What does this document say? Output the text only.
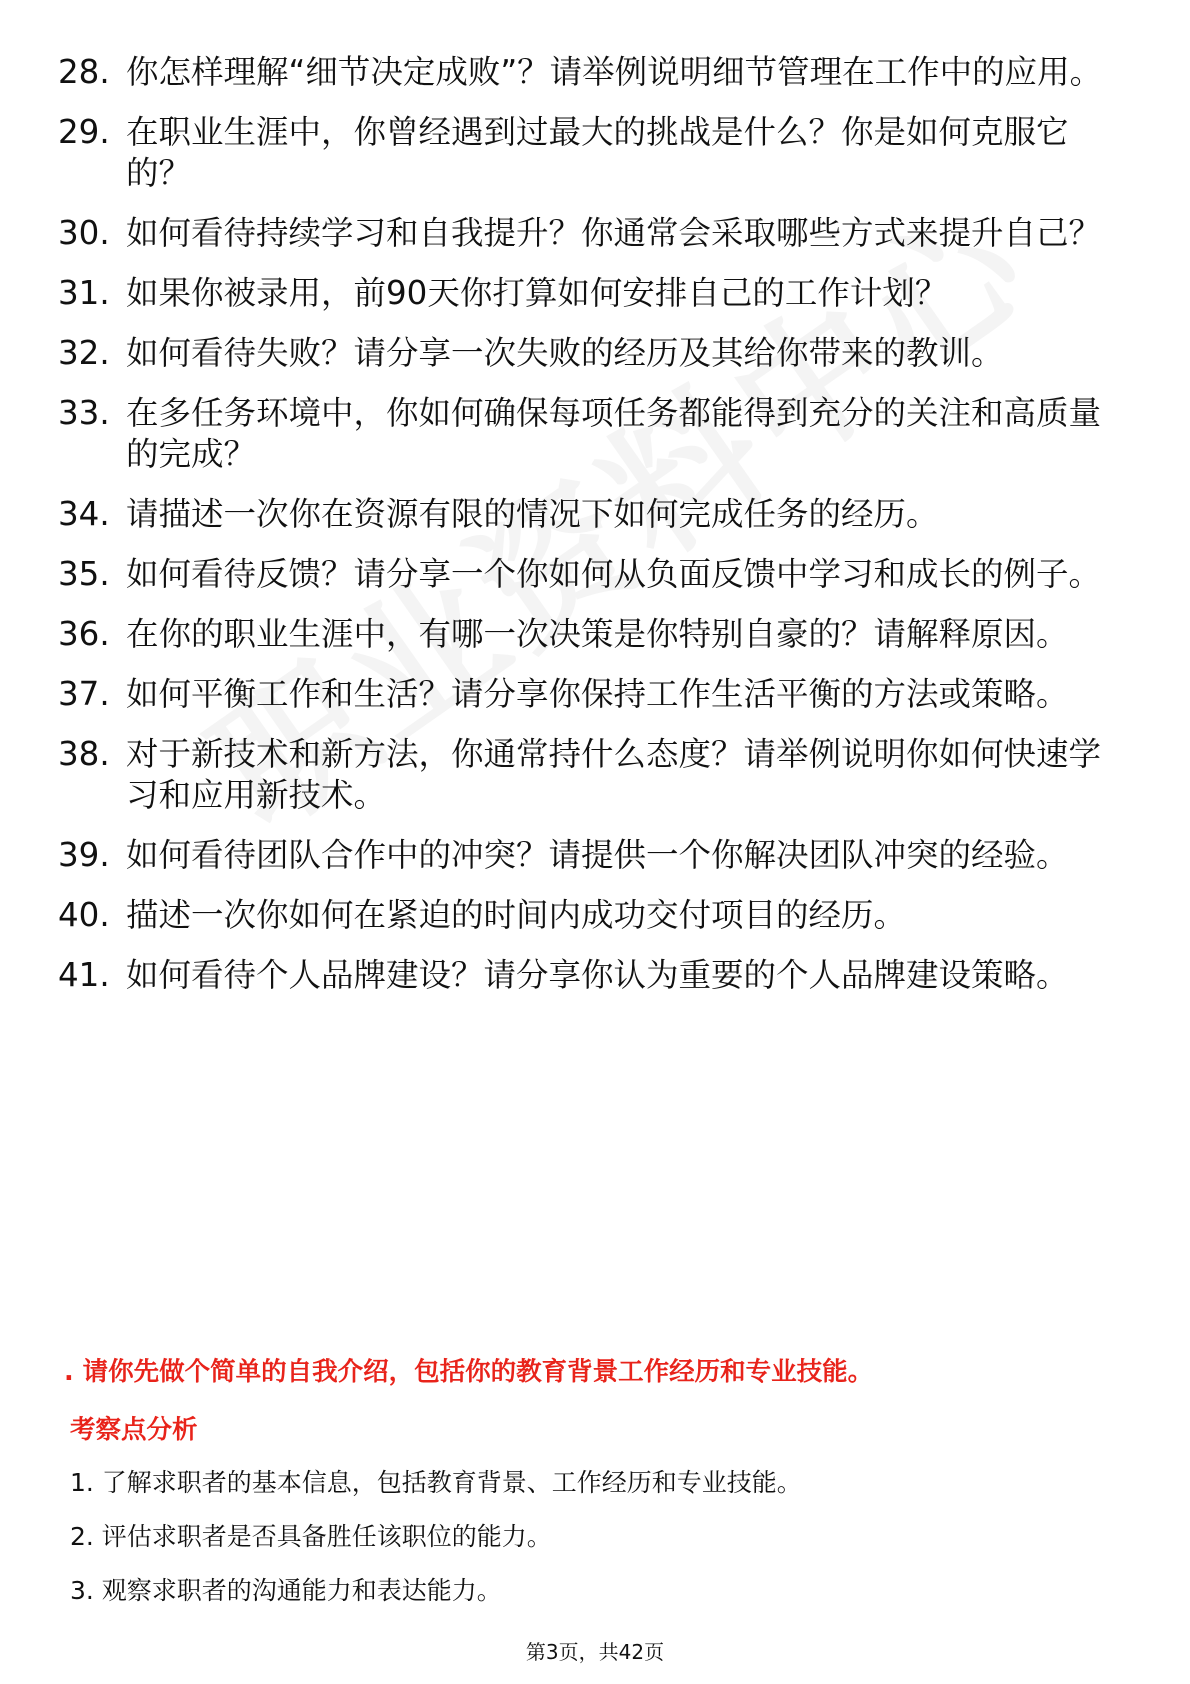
28. 你怎样理解“细节决定成败”？请举例说明细节管理在工作中的应用。
29. 在职业生涯中，你曾经遇到过最大的挑战是什么？你是如何克服它的？
30. 如何看待持续学习和自我提升？你通常会采取哪些方式来提升自己？
31. 如果你被录用，前90天你打算如何安排自己的工作计划？
32. 如何看待失败？请分享一次失败的经历及其给你带来的教训。
33. 在多任务环境中，你如何确保每项任务都能得到充分的关注和高质量的完成？
34. 请描述一次你在资源有限的情况下如何完成任务的经历。
35. 如何看待反馈？请分享一个你如何从负面反馈中学习和成长的例子。
36. 在你的职业生涯中，有哪一次决策是你特别自豪的？请解释原因。
37. 如何平衡工作和生活？请分享你保持工作生活平衡的方法或策略。
38. 对于新技术和新方法，你通常持什么态度？请举例说明你如何快速学习和应用新技术。
39. 如何看待团队合作中的冲突？请提供一个你解决团队冲突的经验。
40. 描述一次你如何在紧迫的时间内成功交付项目的经历。
41. 如何看待个人品牌建设？请分享你认为重要的个人品牌建设策略。
. 请你先做个简单的自我介绍，包括你的教育背景工作经历和专业技能。
考察点分析
1. 了解求职者的基本信息，包括教育背景、工作经历和专业技能。
2. 评估求职者是否具备胜任该职位的能力。
3. 观察求职者的沟通能力和表达能力。
第3页，共42页
